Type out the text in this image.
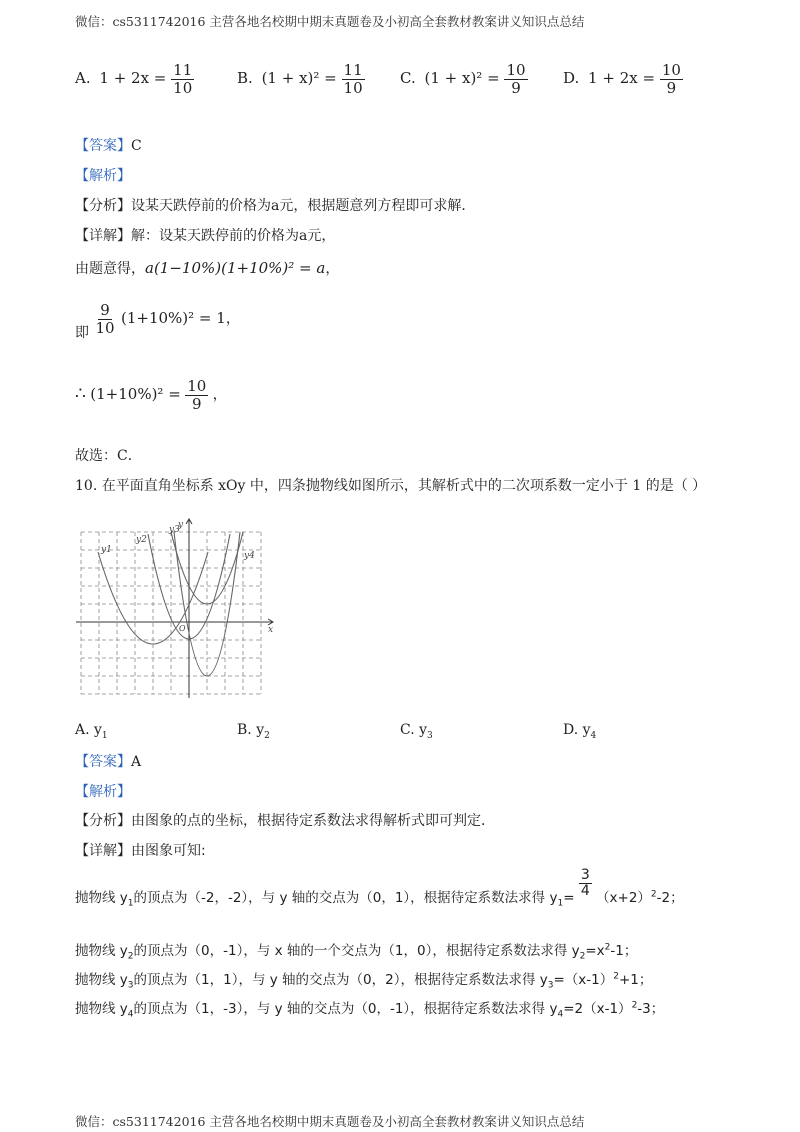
微信：cs5311742016 主营各地名校期中期末真题卷及小初高全套教材教案讲义知识点总结
A. $1 + 2x = \frac{11}{10}$	B. $(1 + x)^2 = \frac{11}{10} C$. $(1 + x)^2 = \frac{10}{9} D$. $1 + 2x = \frac{10}{9}$
【答案】C
【解析】
【分析】设某天跌停前的价格为a元，根据题意列方程即可求解．
【详解】解：设某天跌停前的价格为a元，
由题意得，a(1−10%)(1+10%)² = a，
即 $\frac{9}{10} (1+10\%)^2 = 1$，
∴ $(1+10\%)^2 = \frac{10}{9}$ ，
故选：C．
10. 在平面直角坐标系 xOy 中，四条抛物线如图所示，其解析式中的二次项系数一定小于 1 的是（ ）
y1
y2
y3
y4
x
y
O
A. $y_1$	B. $y_2$	C. $y_3$	D. $y_4$
【答案】A
【解析】
【分析】由图象的点的坐标，根据待定系数法求得解析式即可判定．
【详解】由图象可知:
抛物线 $y_1$的顶点为（-2，-2），与 y 轴的交点为（0，1），根据待定系数法求得 $y_1= \frac{3}{4} (x+2)^2-2$；
抛物线 $y_2$的顶点为（0，-1），与 x 轴的一个交点为（1，0），根据待定系数法求得 $y_2=x^2-1$；
抛物线 $y_3$的顶点为（1，1），与 y 轴的交点为（0，2），根据待定系数法求得 $y_3=(x-1)^2+1$；
抛物线 $y_4$的顶点为（1，-3），与 y 轴的交点为（0，-1），根据待定系数法求得 $y_4=2(x-1)^2-3$；
微信：cs5311742016 主营各地名校期中期末真题卷及小初高全套教材教案讲义知识点总结
